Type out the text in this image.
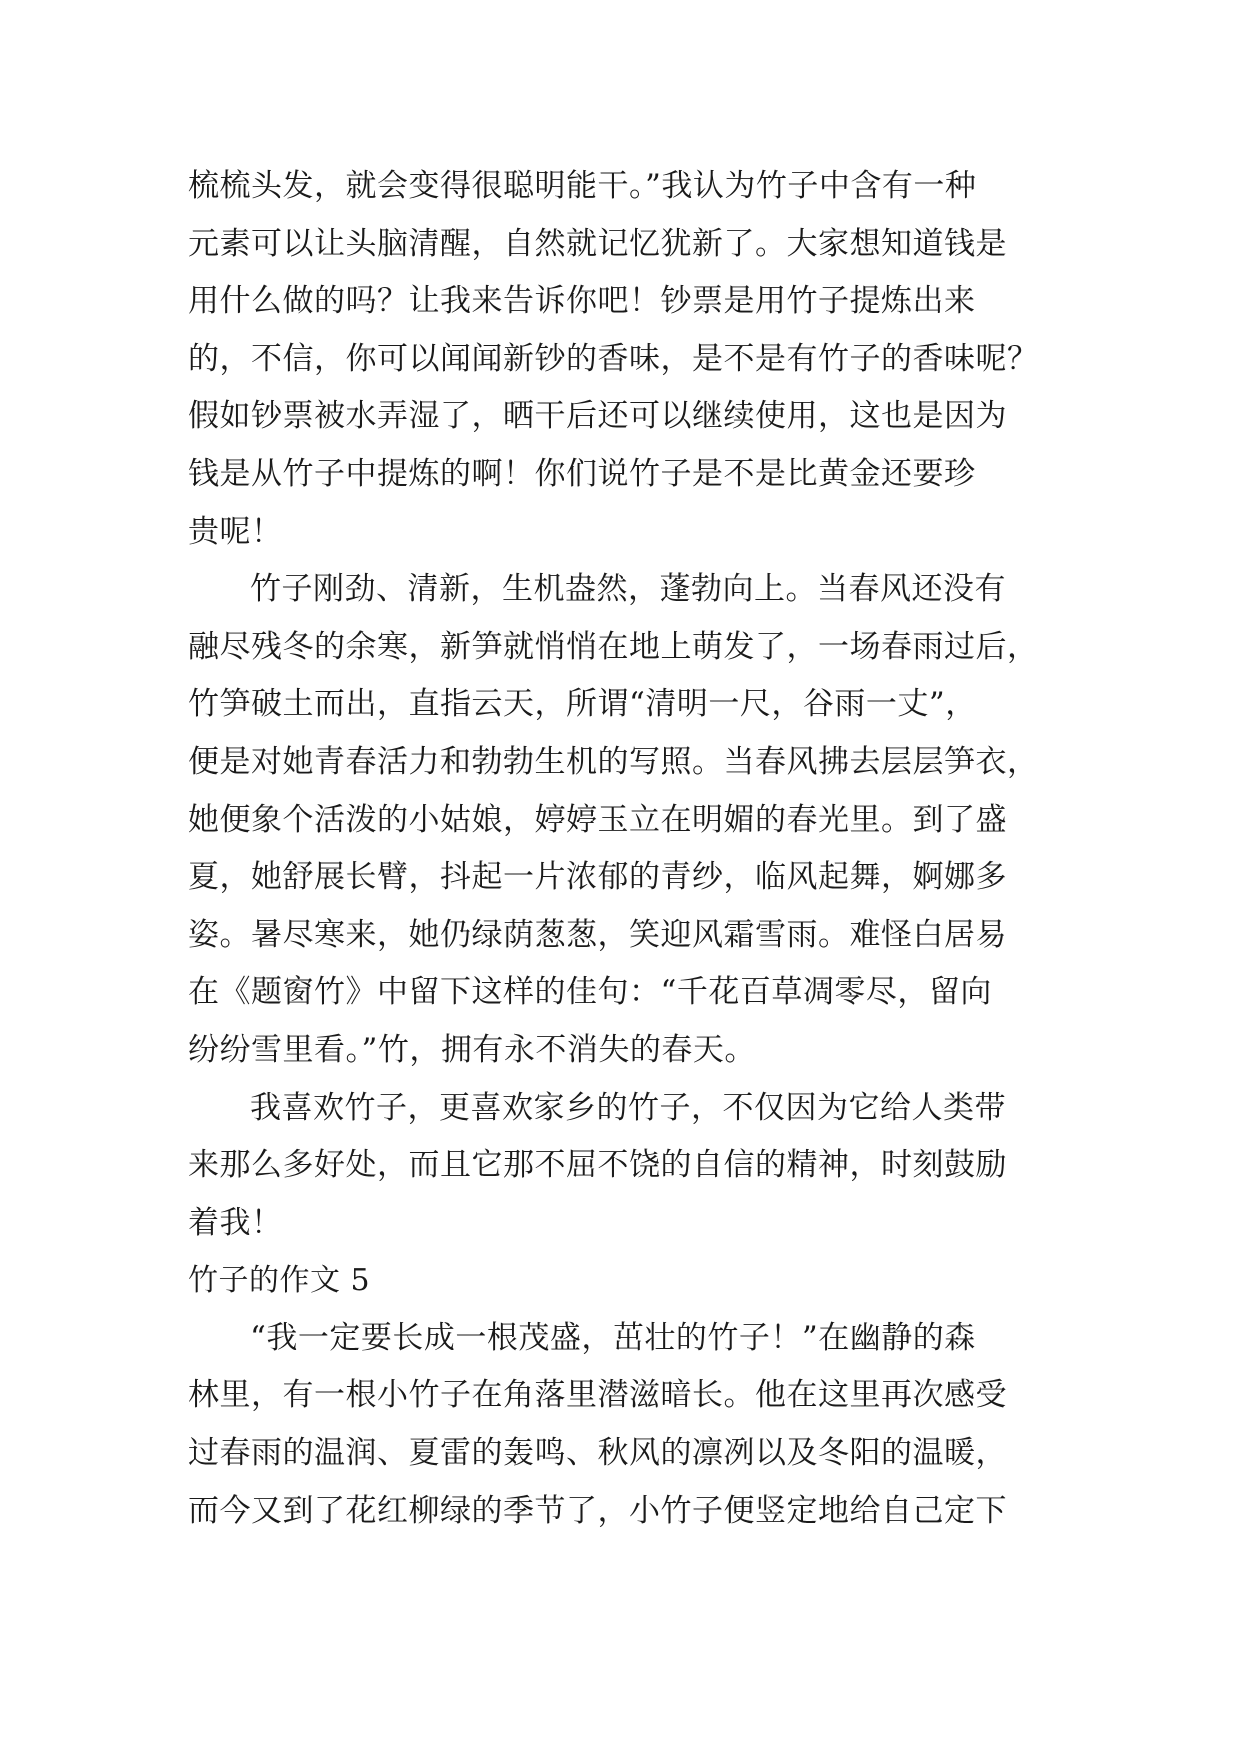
梳梳头发，就会变得很聪明能干。”我认为竹子中含有一种
元素可以让头脑清醒，自然就记忆犹新了。大家想知道钱是
用什么做的吗？让我来告诉你吧！钞票是用竹子提炼出来
的，不信，你可以闻闻新钞的香味，是不是有竹子的香味呢？
假如钞票被水弄湿了，晒干后还可以继续使用，这也是因为
钱是从竹子中提炼的啊！你们说竹子是不是比黄金还要珍
贵呢！
竹子刚劲、清新，生机盎然，蓬勃向上。当春风还没有
融尽残冬的余寒，新笋就悄悄在地上萌发了，一场春雨过后，
竹笋破土而出，直指云天，所谓“清明一尺，谷雨一丈”，
便是对她青春活力和勃勃生机的写照。当春风拂去层层笋衣，
她便象个活泼的小姑娘，婷婷玉立在明媚的春光里。到了盛
夏，她舒展长臂，抖起一片浓郁的青纱，临风起舞，婀娜多
姿。暑尽寒来，她仍绿荫葱葱，笑迎风霜雪雨。难怪白居易
在《题窗竹》中留下这样的佳句：“千花百草凋零尽，留向
纷纷雪里看。”竹，拥有永不消失的春天。
我喜欢竹子，更喜欢家乡的竹子，不仅因为它给人类带
来那么多好处，而且它那不屈不饶的自信的精神，时刻鼓励
着我！
竹子的作文 5
“我一定要长成一根茂盛，茁壮的竹子！”在幽静的森
林里，有一根小竹子在角落里潜滋暗长。他在这里再次感受
过春雨的温润、夏雷的轰鸣、秋风的凛冽以及冬阳的温暖，
而今又到了花红柳绿的季节了，小竹子便竖定地给自己定下
